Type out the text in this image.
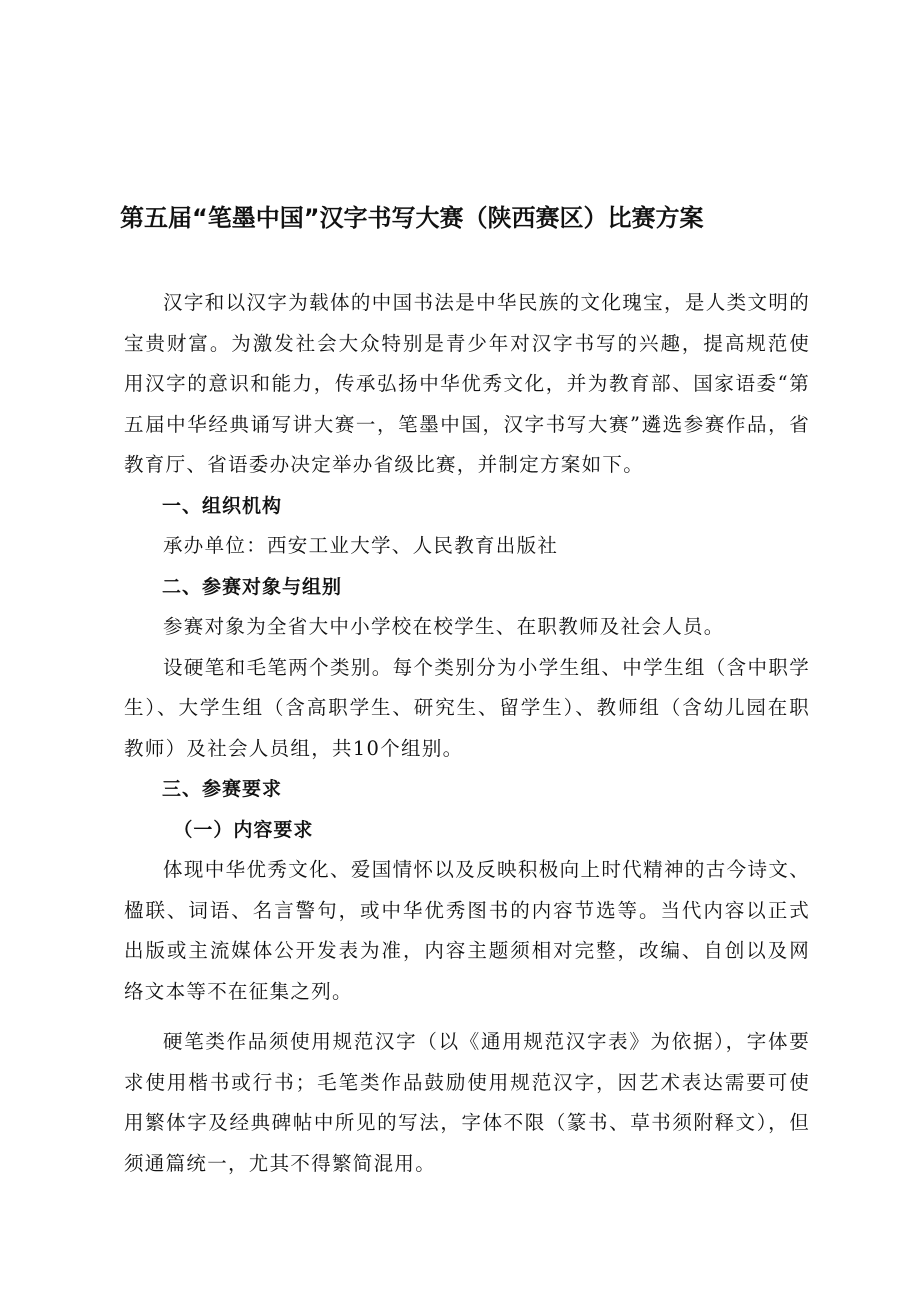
第五届“笔墨中国”汉字书写大赛（陕西赛区）比赛方案

汉字和以汉字为载体的中国书法是中华民族的文化瑰宝，是人类文明的宝贵财富。为激发社会大众特别是青少年对汉字书写的兴趣，提高规范使用汉字的意识和能力，传承弘扬中华优秀文化，并为教育部、国家语委“第五届中华经典诵写讲大赛一，笔墨中国，汉字书写大赛”遴选参赛作品，省教育厅、省语委办决定举办省级比赛，并制定方案如下。

一、组织机构

承办单位：西安工业大学、人民教育出版社

二、参赛对象与组别

参赛对象为全省大中小学校在校学生、在职教师及社会人员。

设硬笔和毛笔两个类别。每个类别分为小学生组、中学生组（含中职学生）、大学生组（含高职学生、研究生、留学生）、教师组（含幼儿园在职教师）及社会人员组，共10个组别。

三、参赛要求

（一）内容要求

体现中华优秀文化、爱国情怀以及反映积极向上时代精神的古今诗文、楹联、词语、名言警句，或中华优秀图书的内容节选等。当代内容以正式出版或主流媒体公开发表为准，内容主题须相对完整，改编、自创以及网络文本等不在征集之列。

硬笔类作品须使用规范汉字（以《通用规范汉字表》为依据），字体要求使用楷书或行书；毛笔类作品鼓励使用规范汉字，因艺术表达需要可使用繁体字及经典碑帖中所见的写法，字体不限（篆书、草书须附释文），但须通篇统一，尤其不得繁简混用。
